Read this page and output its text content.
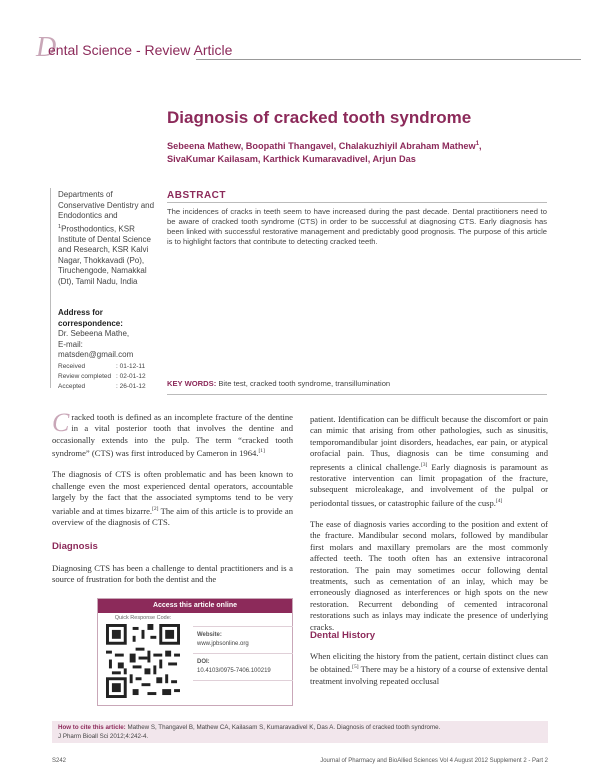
D
ental Science - Review Article
Diagnosis of cracked tooth syndrome
Sebeena Mathew, Boopathi Thangavel, Chalakuzhiyil Abraham Mathew$^1$,
SivaKumar Kailasam, Karthick Kumaravadivel, Arjun Das
Departments of Conservative Dentistry and Endodontics and $^1$Prosthodontics, KSR Institute of Dental Science and Research, KSR Kalvi Nagar, Thokkavadi (Po), Tiruchengode, Namakkal (Dt), Tamil Nadu, India
Address for correspondence:
Dr. Sebeena Mathe,
E-mail: matsden@gmail.com
Received	: 01-12-11
Review completed : 02-01-12
Accepted	: 26-01-12
ABSTRACT
The incidences of cracks in teeth seem to have increased during the past decade. Dental practitioners need to be aware of cracked tooth syndrome (CTS) in order to be successful at diagnosing CTS. Early diagnosis has been linked with successful restorative management and predictably good prognosis. The purpose of this article is to highlight factors that contribute to detecting cracked teeth.
KEY WORDS: Bite test, cracked tooth syndrome, transillumination

Cracked tooth is defined as an incomplete fracture of the dentine in a vital posterior tooth that involves the dentine and occasionally extends into the pulp. The term “cracked tooth syndrome” (CTS) was first introduced by Cameron in 1964.[1]

The diagnosis of CTS is often problematic and has been known to challenge even the most experienced dental operators, accountable largely by the fact that the associated symptoms tend to be very variable and at times bizarre.[2] The aim of this article is to provide an overview of the diagnosis of CTS.

Diagnosis

Diagnosing CTS has been a challenge to dental practitioners and is a source of frustration for both the dentist and the

Access this article online
Quick Response Code:
Website:
www.jpbsonline.org
DOI:
10.4103/0975-7406.100219

patient. Identification can be difficult because the discomfort or pain can mimic that arising from other pathologies, such as sinusitis, temporomandibular joint disorders, headaches, ear pain, or atypical orofacial pain. Thus, diagnosis can be time consuming and represents a clinical challenge.[3] Early diagnosis is paramount as restorative intervention can limit propagation of the fracture, subsequent microleakage, and involvement of the pulpal or periodontal tissues, or catastrophic failure of the cusp.[4]

The ease of diagnosis varies according to the position and extent of the fracture. Mandibular second molars, followed by mandibular first molars and maxillary premolars are the most commonly affected teeth. The tooth often has an extensive intracoronal restoration. The pain may sometimes occur following dental treatments, such as cementation of an inlay, which may be erroneously diagnosed as interferences or high spots on the new restoration. Recurrent debonding of cemented intracoronal restorations such as inlays may indicate the presence of underlying cracks.

Dental History

When eliciting the history from the patient, certain distinct clues can be obtained.[5] There may be a history of a course of extensive dental treatment involving repeated occlusal

How to cite this article: Mathew S, Thangavel B, Mathew CA, Kailasam S, Kumaravadivel K, Das A. Diagnosis of cracked tooth syndrome.
J Pharm Bioall Sci 2012;4:242-4.
S242	Journal of Pharmacy and BioAllied Sciences Vol 4 August 2012 Supplement 2 - Part 2
